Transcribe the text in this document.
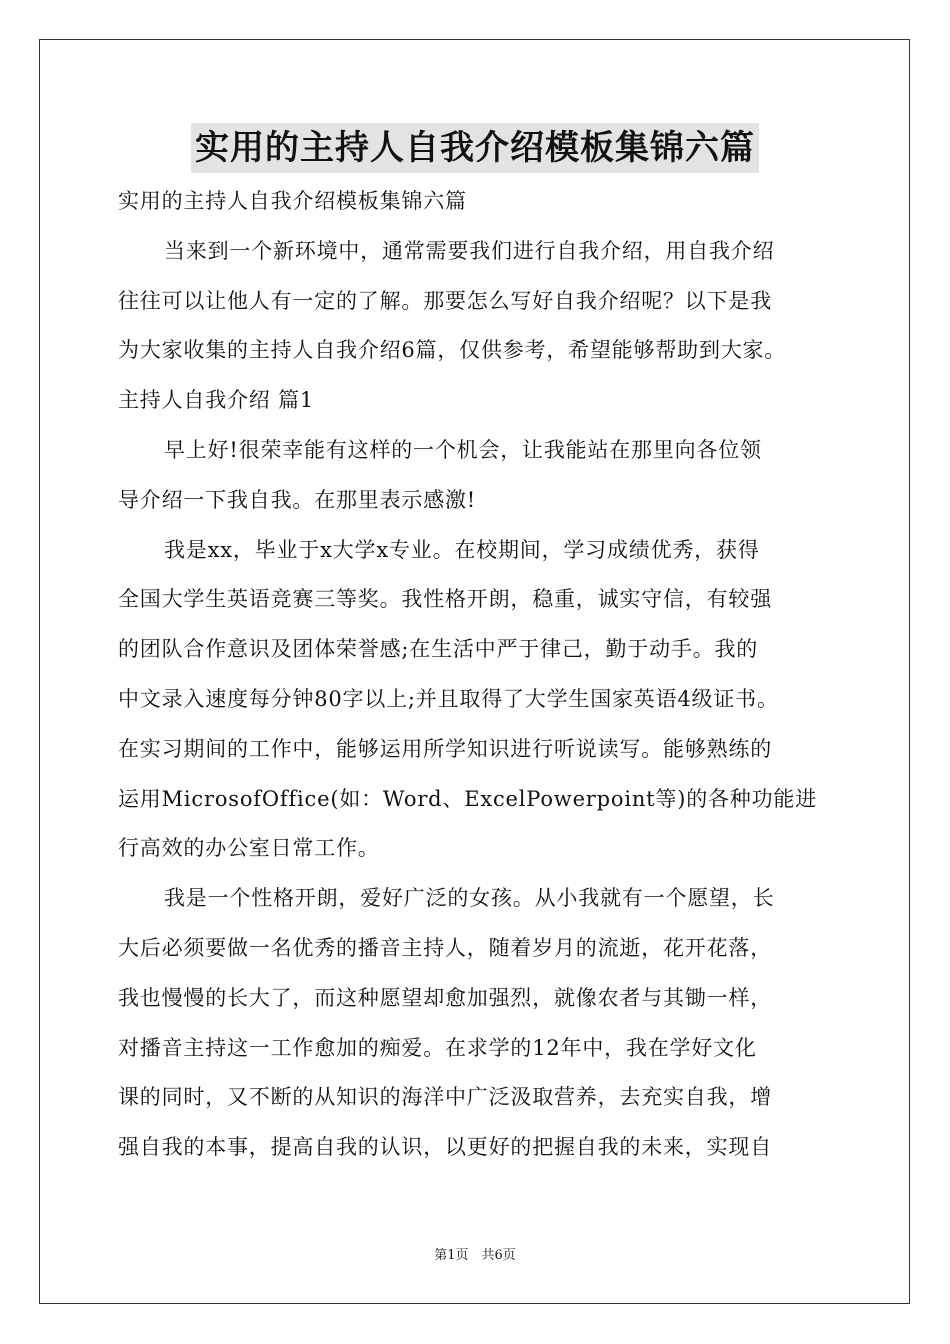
实用的主持人自我介绍模板集锦六篇
实用的主持人自我介绍模板集锦六篇
当来到一个新环境中，通常需要我们进行自我介绍，用自我介绍
往往可以让他人有一定的了解。那要怎么写好自我介绍呢？以下是我
为大家收集的主持人自我介绍6篇，仅供参考，希望能够帮助到大家。
主持人自我介绍 篇1
早上好!很荣幸能有这样的一个机会，让我能站在那里向各位领
导介绍一下我自我。在那里表示感激!
我是xx，毕业于x大学x专业。在校期间，学习成绩优秀，获得
全国大学生英语竞赛三等奖。我性格开朗，稳重，诚实守信，有较强
的团队合作意识及团体荣誉感;在生活中严于律己，勤于动手。我的
中文录入速度每分钟80字以上;并且取得了大学生国家英语4级证书。
在实习期间的工作中，能够运用所学知识进行听说读写。能够熟练的
运用MicrosofOffice(如：Word、ExcelPowerpoint等)的各种功能进
行高效的办公室日常工作。
我是一个性格开朗，爱好广泛的女孩。从小我就有一个愿望，长
大后必须要做一名优秀的播音主持人，随着岁月的流逝，花开花落，
我也慢慢的长大了，而这种愿望却愈加强烈，就像农者与其锄一样，
对播音主持这一工作愈加的痴爱。在求学的12年中，我在学好文化
课的同时，又不断的从知识的海洋中广泛汲取营养，去充实自我，增
强自我的本事，提高自我的认识，以更好的把握自我的未来，实现自
第1页　共6页
